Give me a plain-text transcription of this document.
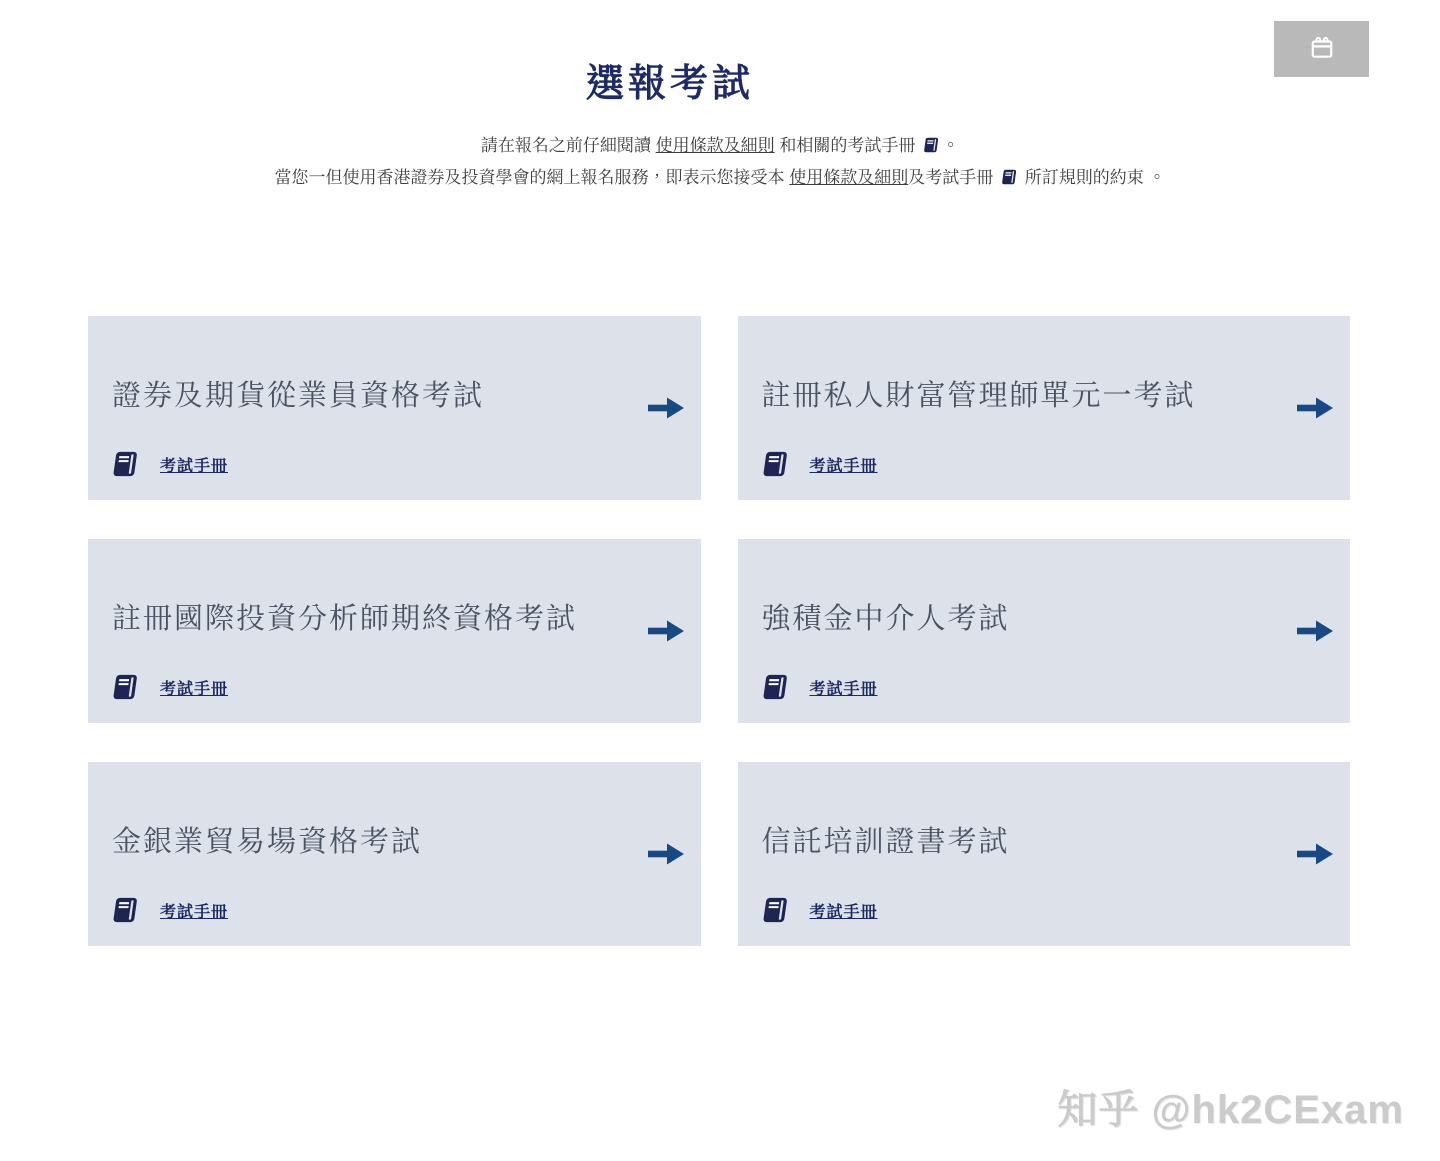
選報考試
請在報名之前仔細閱讀 使用條款及細則 和相關的考試手冊 。
當您一但使用香港證券及投資學會的網上報名服務，即表示您接受本 使用條款及細則及考試手冊  所訂規則的約束 。
證券及期貨從業員資格考試
考試手冊
註冊私人財富管理師單元一考試
考試手冊
註冊國際投資分析師期終資格考試
考試手冊
強積金中介人考試
考試手冊
金銀業貿易場資格考試
考試手冊
信託培訓證書考試
考試手冊
知乎 @hk2CExam
